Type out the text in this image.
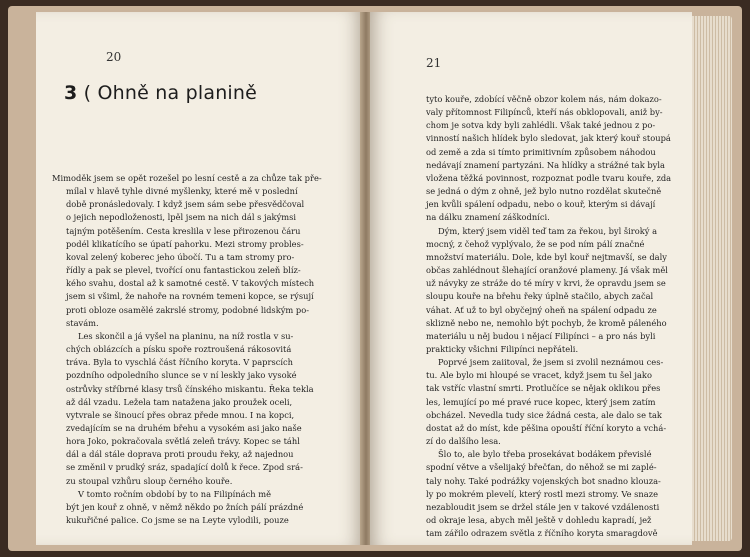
20
3 ( Ohně na planině
Mimoděk jsem se opět rozešel po lesní cestě a za chůze tak pře-
mílal v hlavě tyhle divné myšlenky, které mě v poslední
době pronásledovaly. I když jsem sám sebe přesvědčoval
o jejich nepodloženosti, lpěl jsem na nich dál s jakýmsi
tajným potěšením. Cesta kreslila v lese přirozenou čáru
podél klikatícího se úpatí pahorku. Mezi stromy probles-
koval zelený koberec jeho úbočí. Tu a tam stromy pro-
řídly a pak se plevel, tvořící onu fantastickou zeleň blíz-
kého svahu, dostal až k samotné cestě. V takových místech
jsem si všiml, že nahoře na rovném temeni kopce, se rýsují
proti obloze osamělé zakrslé stromy, podobné lidským po-
stavám.
Les skončil a já vyšel na planinu, na níž rostla v su-
chých oblázcích a písku spoře roztroušená rákosovitá
tráva. Byla to vyschlá část říčního koryta. V paprscích
pozdního odpoledního slunce se v ní leskly jako vysoké
ostrůvky stříbrné klasy trsů čínského miskantu. Řeka tekla
až dál vzadu. Ležela tam natažena jako proužek oceli,
vytvrale se šinoucí přes obraz přede mnou. I na kopci,
zvedajícím se na druhém břehu a vysokém asi jako naše
hora Joko, pokračovala světlá zeleň trávy. Kopec se táhl
dál a dál stále doprava proti proudu řeky, až najednou
se změnil v prudký sráz, spadající dolů k řece. Zpod srá-
zu stoupal vzhůru sloup černého kouře.
V tomto ročním období by to na Filipínách mě
být jen kouř z ohně, v němž někdo po žních pálí prázdné
kukuřičné palice. Co jsme se na Leyte vylodili, pouze
21
tyto kouře, zdobící věčně obzor kolem nás, nám dokazo-
valy přítomnost Filipínců, kteří nás obklopovali, aniž by-
chom je sotva kdy byli zahlédli. Však také jednou z po-
vinností našich hlídek bylo sledovat, jak který kouř stoupá
od země a zda si tímto primitivním způsobem náhodou
nedávají znamení partyzáni. Na hlídky a strážné tak byla
vložena těžká povinnost, rozpoznat podle tvaru kouře, zda
se jedná o dým z ohně, jež bylo nutno rozdělat skutečně
jen kvůli spálení odpadu, nebo o kouř, kterým si dávají
na dálku znamení záškodníci.
Dým, který jsem viděl teď tam za řekou, byl široký a
mocný, z čehož vyplývalo, že se pod ním pálí značné
množství materiálu. Dole, kde byl kouř nejtmavší, se daly
občas zahlédnout šlehající oranžové plameny. Já však měl
už návyky ze stráže do té míry v krvi, že opravdu jsem se
sloupu kouře na břehu řeky úplně stačilo, abych začal
váhat. Ať už to byl obyčejný oheň na spálení odpadu ze
sklizně nebo ne, nemohlo být pochyb, že kromě páleného
materiálu u něj budou i nějací Filipínci – a pro nás byli
prakticky všichni Filipínci nepřáteli.
Poprvé jsem zaiitoval, že jsem si zvolil neznámou ces-
tu. Ale bylo mi hloupé se vracet, když jsem tu šel jako
tak vstříc vlastní smrti. Protlučíce se nějak oklikou přes
les, lemující po mé pravé ruce kopec, který jsem zatím
obcházel. Nevedla tudy sice žádná cesta, ale dalo se tak
dostat až do míst, kde pěšina opouští říční koryto a vchá-
zí do dalšího lesa.
Šlo to, ale bylo třeba prosekávat bodákem převislé
spodní větve a všelijaký břečťan, do něhož se mi zaplé-
taly nohy. Také podrážky vojenských bot snadno klouza-
ly po mokrém plevelí, který rostl mezi stromy. Ve snaze
nezabloudit jsem se držel stále jen v takové vzdálenosti
od okraje lesa, abych měl ještě v dohledu kapradí, jež
tam zářilo odrazem světla z říčního koryta smaragdově
